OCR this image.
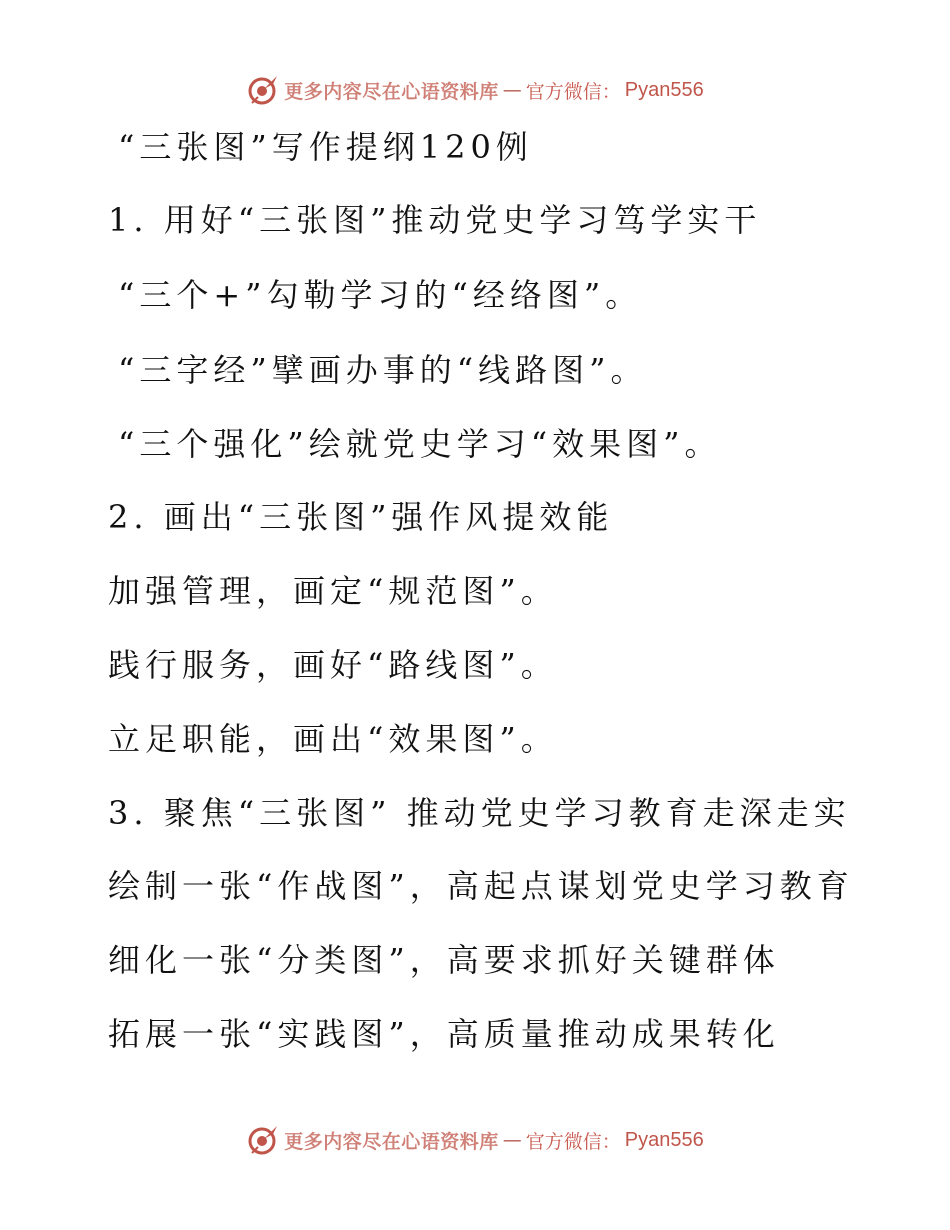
更多内容尽在心语资料库 — 官方微信： Pyan556
“三张图”写作提纲120例
1. 用好“三张图”推动党史学习笃学实干
“三个+”勾勒学习的“经络图”。
“三字经”擘画办事的“线路图”。
“三个强化”绘就党史学习“效果图”。
2. 画出“三张图”强作风提效能
加强管理，画定“规范图”。
践行服务，画好“路线图”。
立足职能，画出“效果图”。
3. 聚焦“三张图” 推动党史学习教育走深走实
绘制一张“作战图”，高起点谋划党史学习教育
细化一张“分类图”，高要求抓好关键群体
拓展一张“实践图”，高质量推动成果转化
更多内容尽在心语资料库 — 官方微信： Pyan556
